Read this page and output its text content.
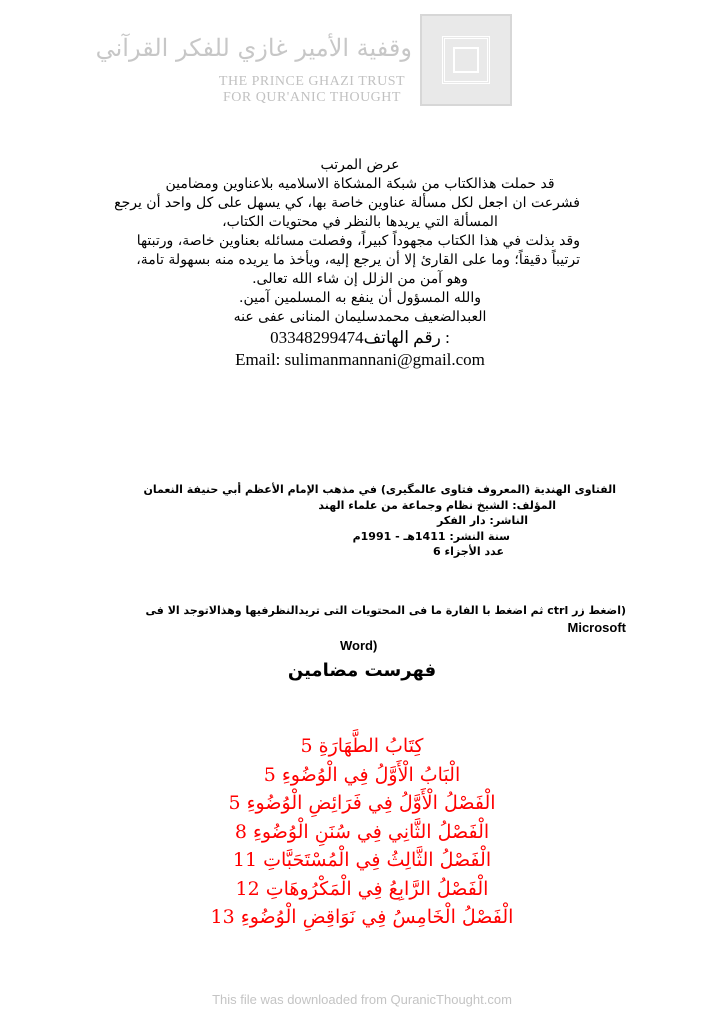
وقفية الأمير غازي للفكر القرآني
THE PRINCE GHAZI TRUST
FOR QUR'ANIC THOUGHT
عرض المرتب
قد حملت هذالكتاب من شبكة المشكاة الاسلاميه بلاعناوين ومضامين
فشرعت ان اجعل لكل مسألة عناوين خاصة بها، كي يسهل على كل واحد أن يرجع
المسألة التي يريدها بالنظر في محتويات الكتاب،
وقد بذلت في هذا الكتاب مجهوداً كبيراً، وفصلت مسائله بعناوين خاصة، ورتبتها
ترتيباً دقيقاً؛ وما على القارئ إلا أن يرجع إليه، ويأخذ ما يريده منه بسهولة تامة،
وهو آمن من الزلل إن شاء الله تعالى.
والله المسؤول أن ينفع به المسلمين آمين.
العبدالضعيف محمدسليمان المنانى عفى عنه
03348299474رقم الهاتف :
Email: sulimanmannani@gmail.com
الفتاوى الهندية (المعروف فتاوى عالمگيرى) في مذهب الإمام الأعظم أبي حنيفة النعمان
المؤلف: الشيخ نظام وجماعة من علماء الهند
الناشر: دار الفكر
سنة النشر: 1411هـ - 1991م
عدد الأجزاء 6
(اضغط زر ctrl ثم اضغط با الفارة ما فى المحتويات التى تريدالنظرفيها وهذالاتوجد الا فى Microsoft
Word)
فهرست مضامين
كِتَابُ الطَّهَارَةِ 5
الْبَابُ الْأَوَّلُ فِي الْوُضُوءِ 5
الْفَصْلُ الْأَوَّلُ فِي فَرَائِضِ الْوُضُوءِ 5
الْفَصْلُ الثَّانِي فِي سُنَنِ الْوُضُوءِ 8
الْفَصْلُ الثَّالِثُ فِي الْمُسْتَحَبَّاتِ 11
الْفَصْلُ الرَّابِعُ فِي الْمَكْرُوهَاتِ 12
الْفَصْلُ الْخَامِسُ فِي نَوَاقِضِ الْوُضُوءِ 13
This file was downloaded from QuranicThought.com
